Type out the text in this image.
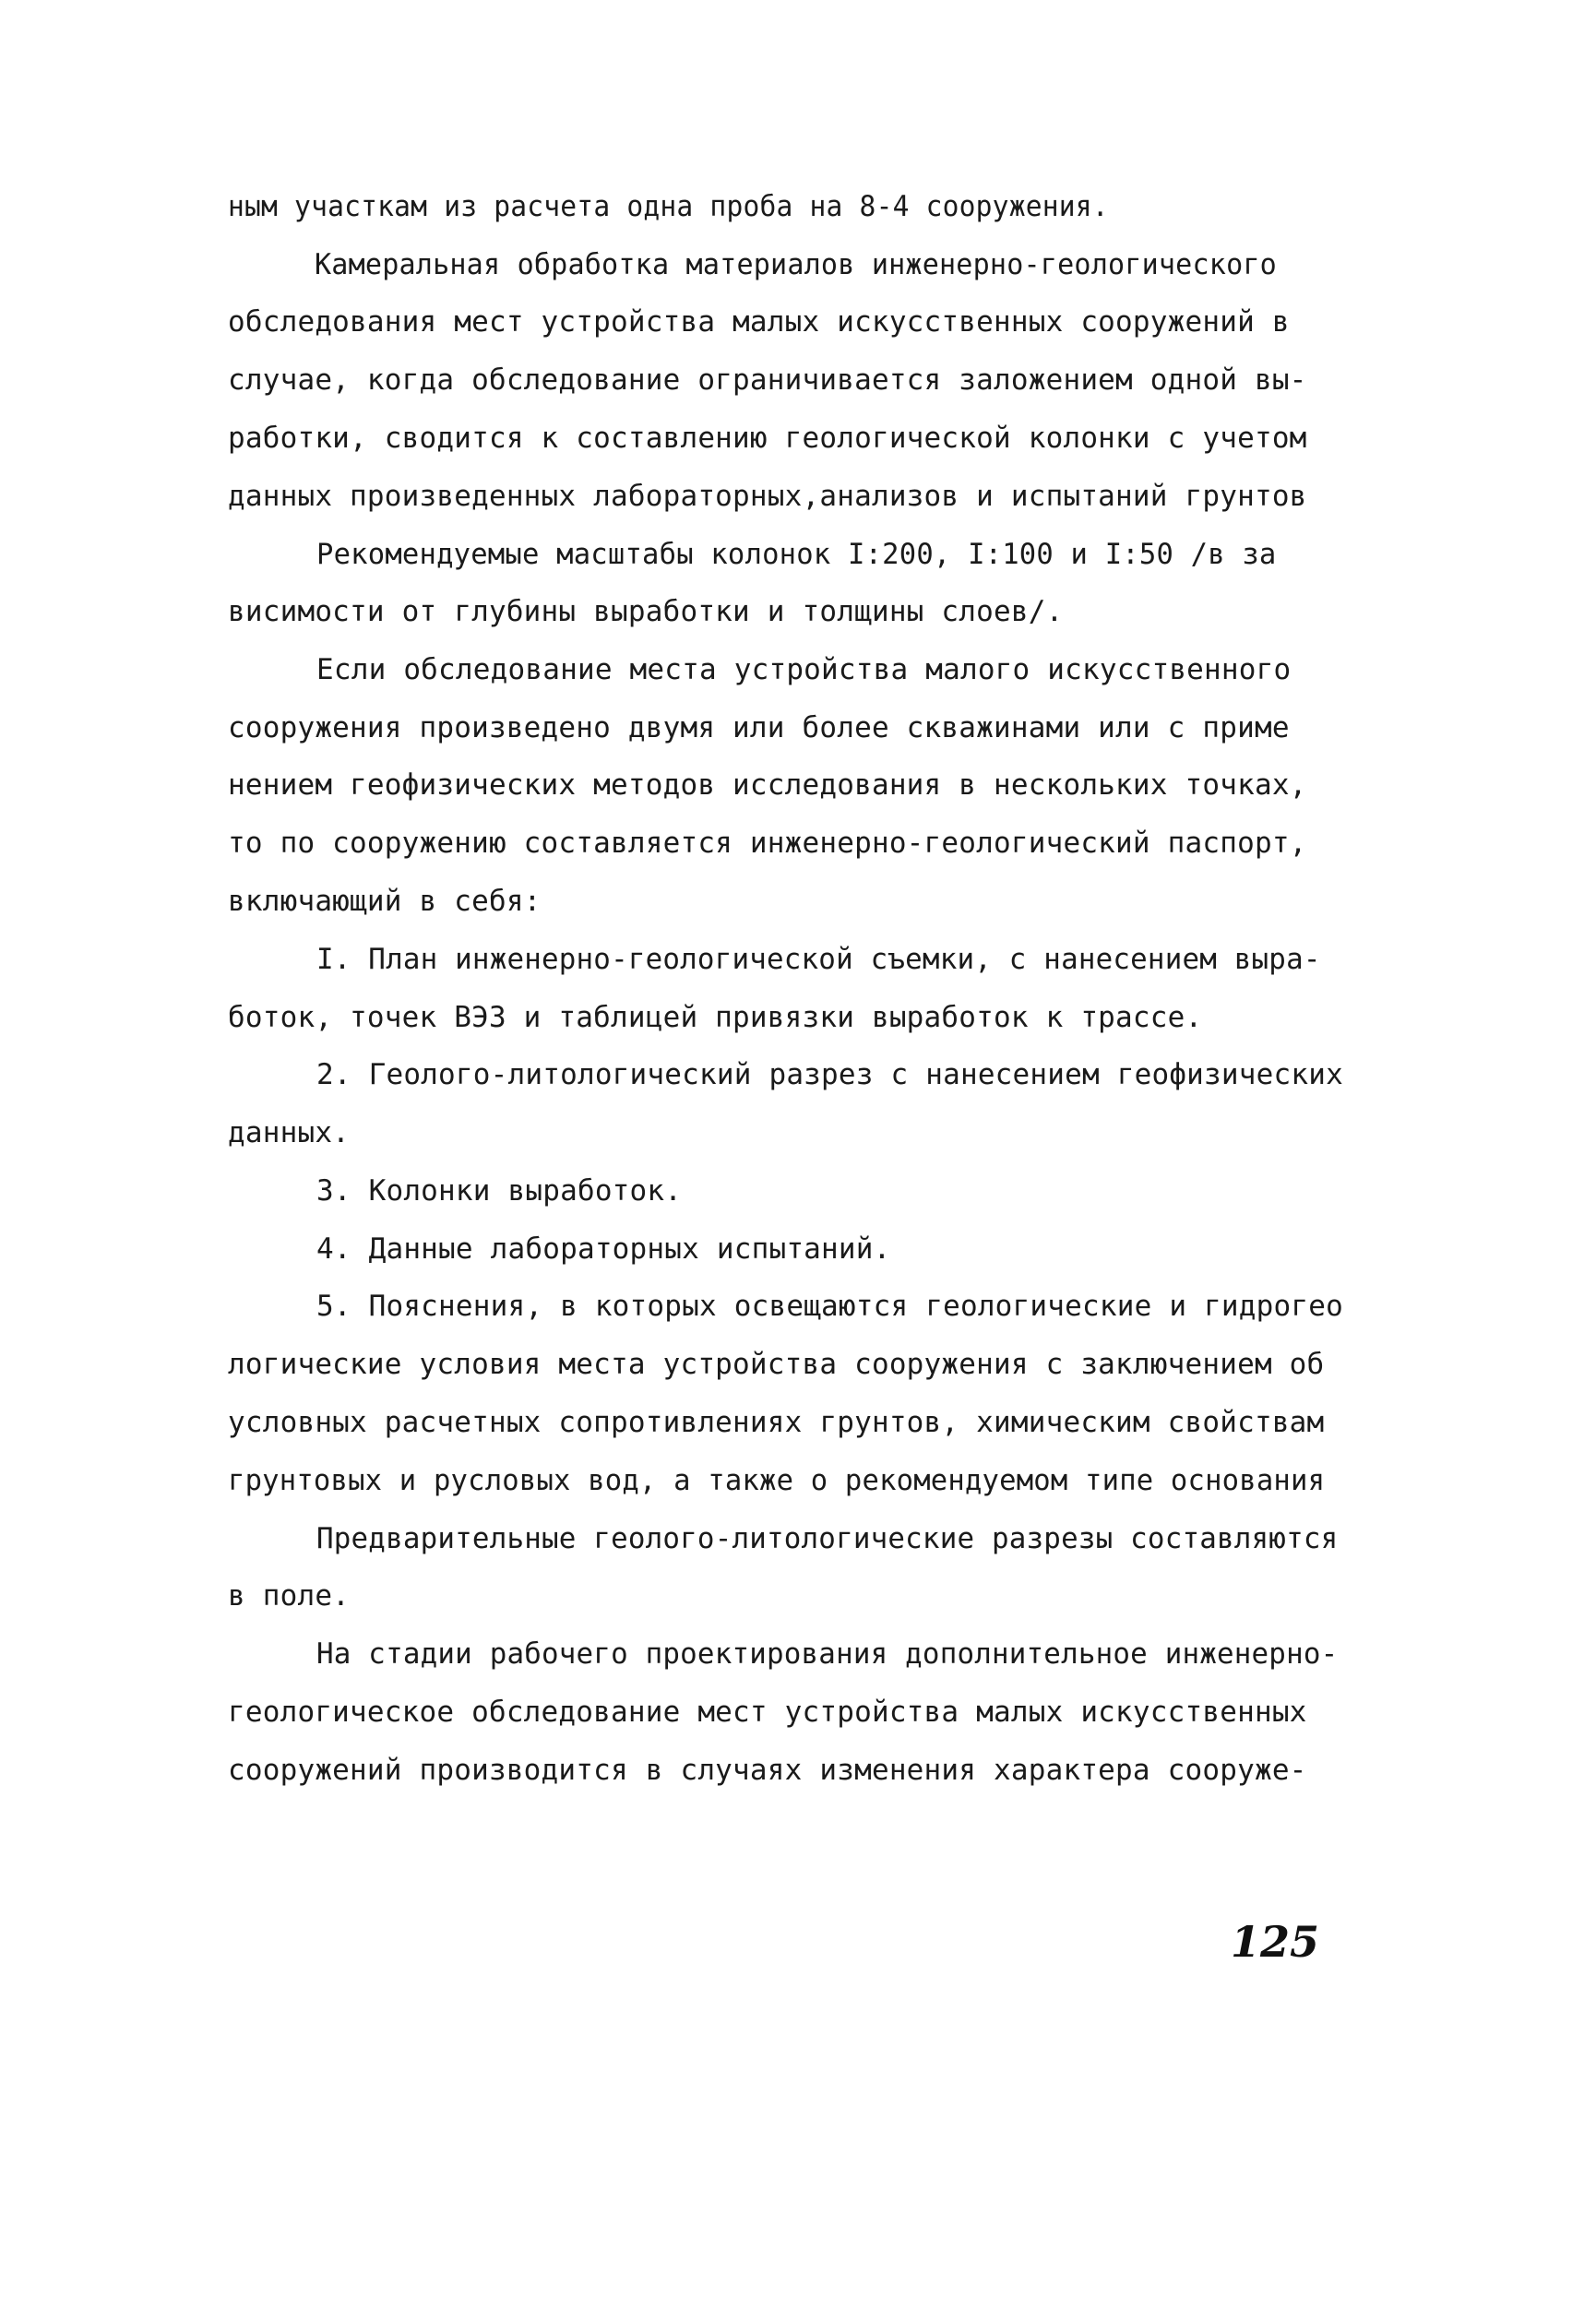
ным участкам из расчета одна проба на 8-4 сооружения.
Камеральная обработка материалов инженерно-геологического
обследования мест устройства малых искусственных сооружений в
случае, когда обследование ограничивается заложением одной вы-
работки, сводится к составлению геологической колонки с учетом
данных произведенных лабораторных,анализов и испытаний грунтов
Рекомендуемые масштабы колонок I:200, I:100 и I:50 /в за
висимости от глубины выработки и толщины слоев/.
Если обследование места устройства малого искусственного
сооружения произведено двумя или более скважинами или с приме
нением геофизических методов исследования в нескольких точках,
то по сооружению составляется инженерно-геологический паспорт,
включающий в себя:
I. План инженерно-геологической съемки, с нанесением выра-
боток, точек ВЭЗ и таблицей привязки выработок к трассе.
2. Геолого-литологический разрез с нанесением геофизических
данных.
3. Колонки выработок.
4. Данные лабораторных испытаний.
5. Пояснения, в которых освещаются геологические и гидрогео
логические условия места устройства сооружения с заключением об
условных расчетных сопротивлениях грунтов, химическим свойствам
грунтовых и русловых вод, а также о рекомендуемом типе основания
Предварительные геолого-литологические разрезы составляются
в поле.
На стадии рабочего проектирования дополнительное инженерно-
геологическое обследование мест устройства малых искусственных
сооружений производится в случаях изменения характера сооруже-
125
